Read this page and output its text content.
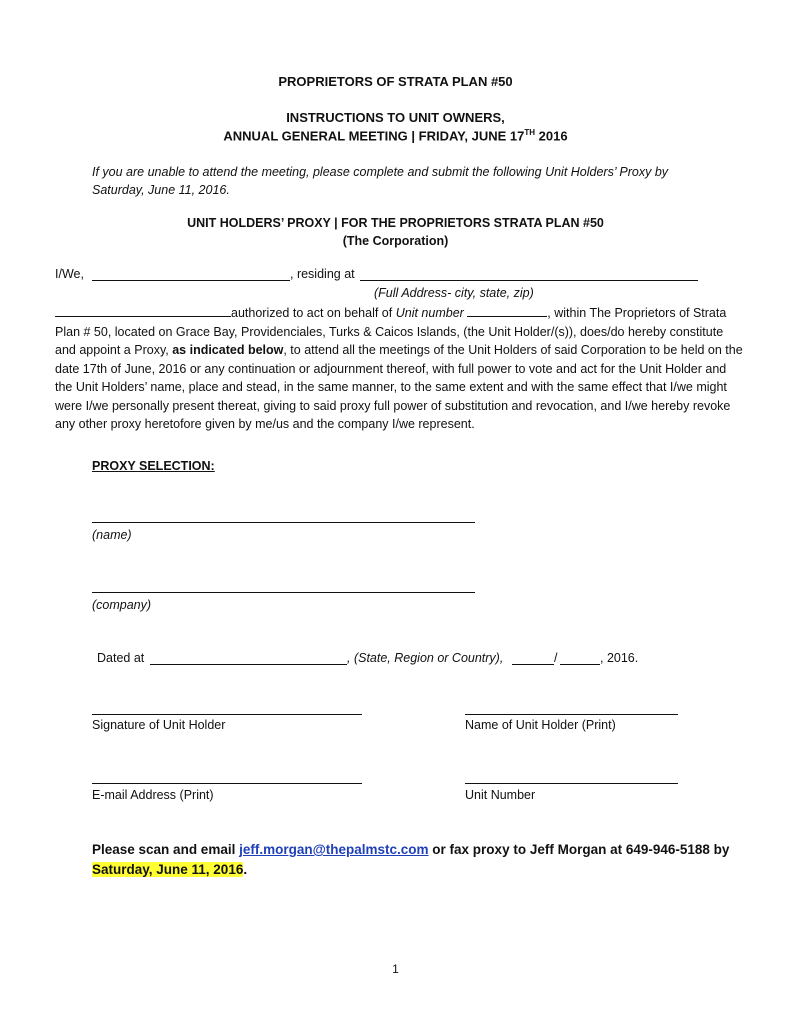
PROPRIETORS OF STRATA PLAN #50
INSTRUCTIONS TO UNIT OWNERS,
ANNUAL GENERAL MEETING | FRIDAY, JUNE 17TH 2016
If you are unable to attend the meeting, please complete and submit the following Unit Holders’ Proxy by Saturday, June 11, 2016.
UNIT HOLDERS’ PROXY | FOR THE PROPRIETORS STRATA PLAN #50
(The Corporation)
I/We,	, residing at
(Full Address- city, state, zip)
authorized to act on behalf of Unit number	, within The Proprietors of Strata Plan # 50, located on Grace Bay, Providenciales, Turks & Caicos Islands, (the Unit Holder/(s)), does/do hereby constitute and appoint a Proxy, as indicated below, to attend all the meetings of the Unit Holders of said Corporation to be held on the date 17th of June, 2016 or any continuation or adjournment thereof, with full power to vote and act for the Unit Holder and the Unit Holders’ name, place and stead, in the same manner, to the same extent and with the same effect that I/we might were I/we personally present thereat, giving to said proxy full power of substitution and revocation, and I/we hereby revoke any other proxy heretofore given by me/us and the company I/we represent.
PROXY SELECTION:
(name)
(company)
Dated at	, (State, Region or Country),	/	, 2016.
Signature of Unit Holder	Name of Unit Holder (Print)
E-mail Address (Print)	Unit Number
Please scan and email jeff.morgan@thepalmstc.com or fax proxy to Jeff Morgan at 649-946-5188 by Saturday, June 11, 2016.
1
